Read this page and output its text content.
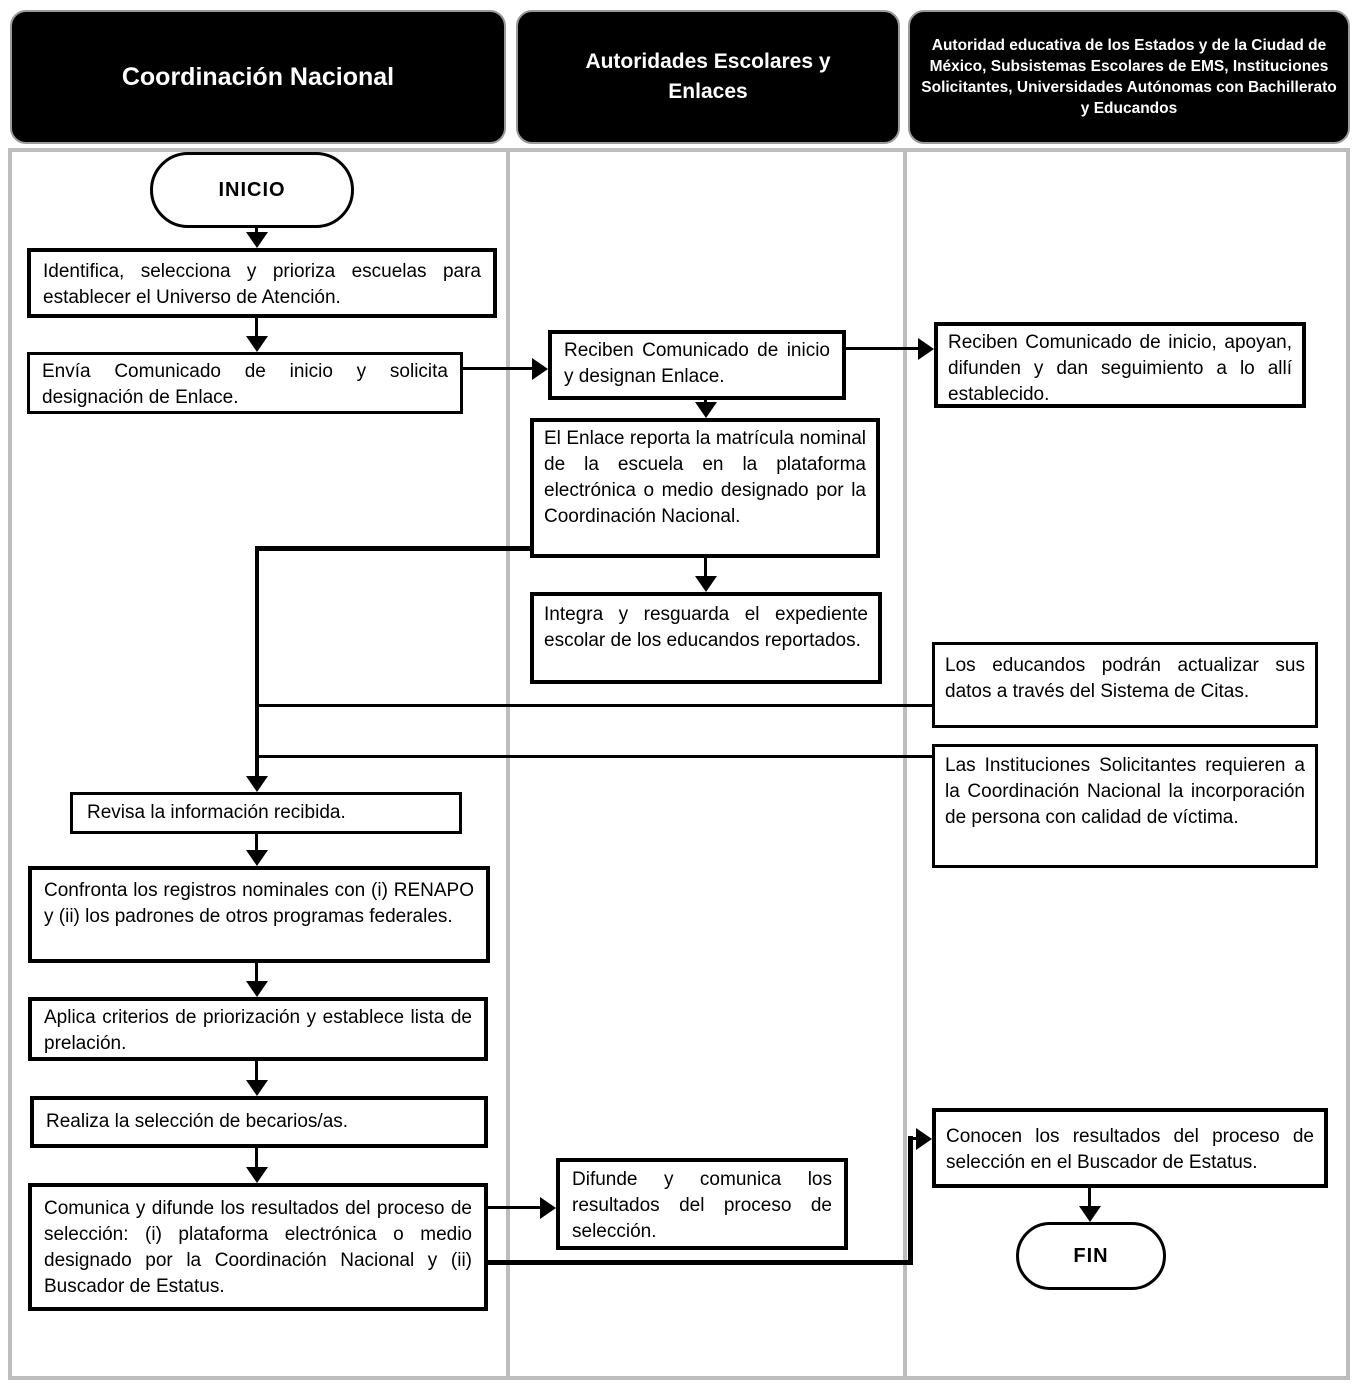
Coordinación Nacional
Autoridades Escolares y Enlaces
Autoridad educativa de los Estados y de la Ciudad de México, Subsistemas Escolares de EMS, Instituciones Solicitantes, Universidades Autónomas con Bachillerato y Educandos
INICIO
Identifica, selecciona y prioriza escuelas para establecer el Universo de Atención.
Envía Comunicado de inicio y solicita designación de Enlace.
Revisa la información recibida.
Confronta los registros nominales con (i) RENAPO y (ii) los padrones de otros programas federales.
Aplica criterios de priorización y establece lista de prelación.
Realiza la selección de becarios/as.
Comunica y difunde los resultados del proceso de selección: (i) plataforma electrónica o medio designado por la Coordinación Nacional y (ii) Buscador de Estatus.
Reciben Comunicado de inicio y designan Enlace.
El Enlace reporta la matrícula nominal de la escuela en la plataforma electrónica o medio designado por la Coordinación Nacional.
Integra y resguarda el expediente escolar de los educandos reportados.
Difunde y comunica los resultados del proceso de selección.
Reciben Comunicado de inicio, apoyan, difunden y dan seguimiento a lo allí establecido.
Los educandos podrán actualizar sus datos a través del Sistema de Citas.
Las Instituciones Solicitantes requieren a la Coordinación Nacional la incorporación de persona con calidad de víctima.
Conocen los resultados del proceso de selección en el Buscador de Estatus.
FIN
